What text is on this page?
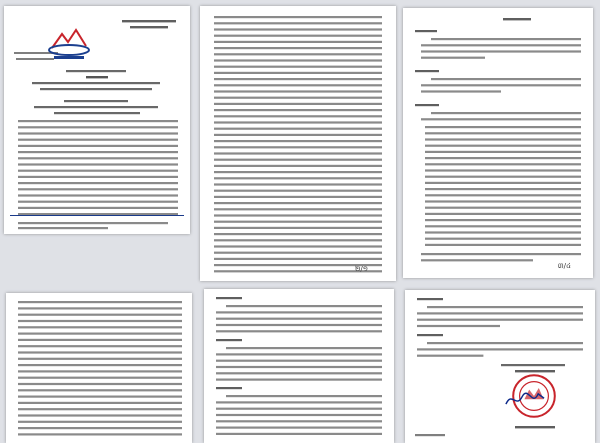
២/១	៣/៤
